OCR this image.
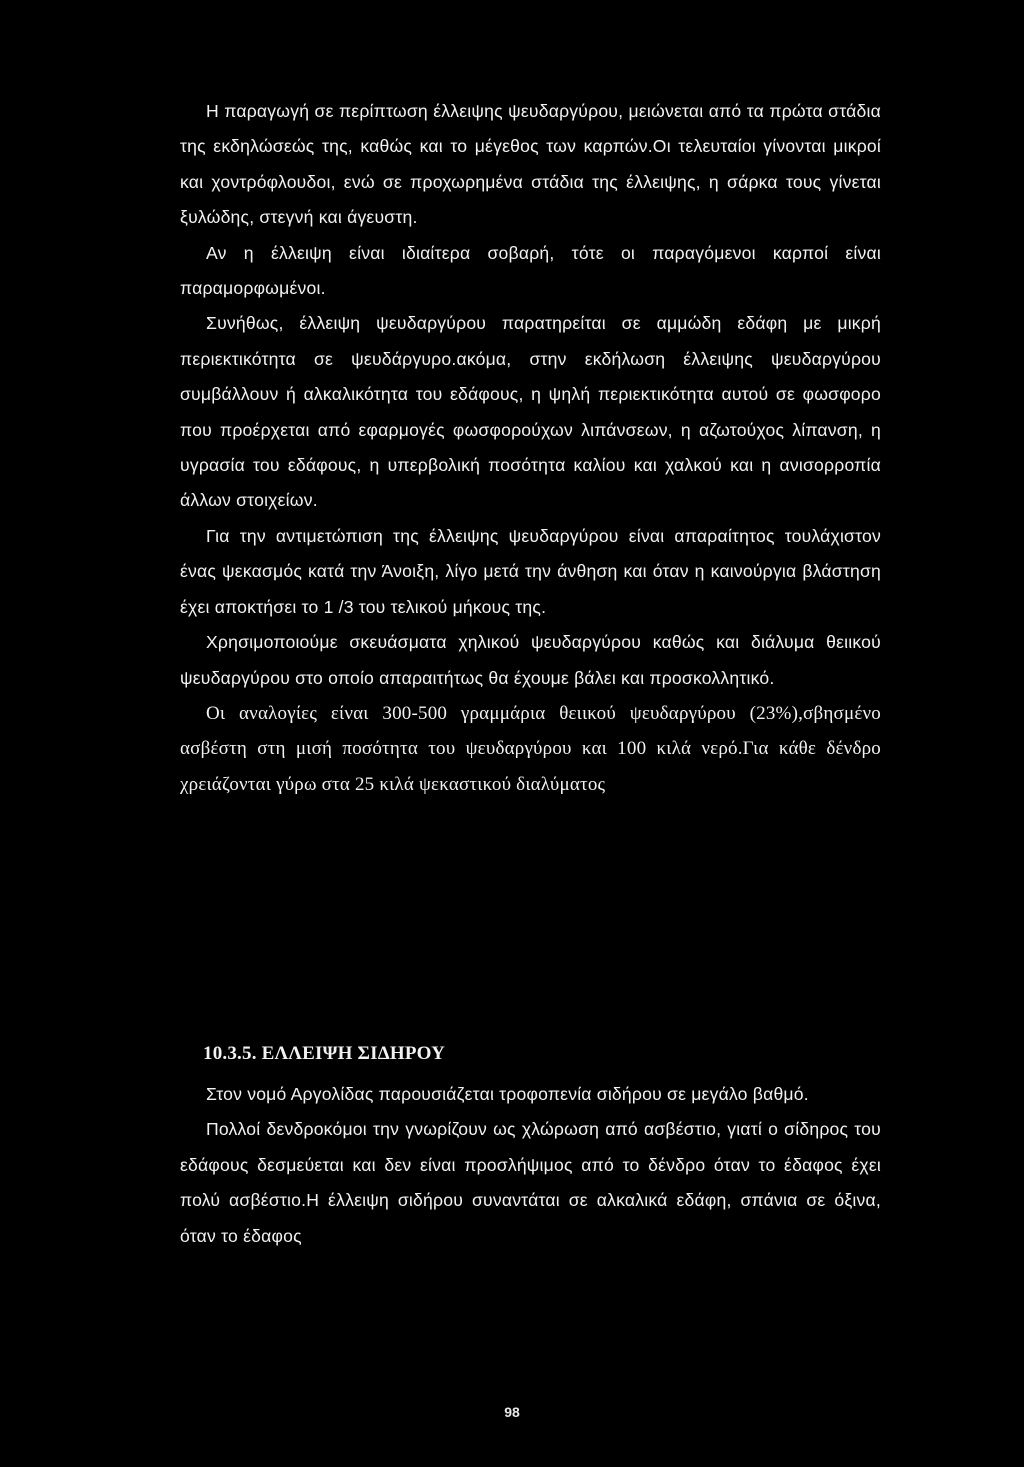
Η παραγωγή σε περίπτωση έλλειψης ψευδαργύρου, μειώνεται από τα πρώτα στάδια της εκδηλώσεώς της, καθώς και το μέγεθος των καρπών.Οι τελευταίοι γίνονται μικροί και χοντρόφλουδοι, ενώ σε προχωρημένα στάδια της έλλειψης, η σάρκα τους γίνεται ξυλώδης, στεγνή και άγευστη.

Αν η έλλειψη είναι ιδιαίτερα σοβαρή, τότε οι παραγόμενοι καρποί είναι παραμορφωμένοι.

Συνήθως, έλλειψη ψευδαργύρου παρατηρείται σε αμμώδη εδάφη με μικρή περιεκτικότητα σε ψευδάργυρο.ακόμα, στην εκδήλωση έλλειψης ψευδαργύρου συμβάλλουν ή αλκαλικότητα του εδάφους, η ψηλή περιεκτικότητα αυτού σε φωσφορο που προέρχεται από εφαρμογές φωσφορούχων λιπάνσεων, η αζωτούχος λίπανση, η υγρασία του εδάφους, η υπερβολική ποσότητα καλίου και χαλκού και η ανισορροπία άλλων στοιχείων.

Για την αντιμετώπιση της έλλειψης ψευδαργύρου είναι απαραίτητος τουλάχιστον ένας ψεκασμός κατά την Άνοιξη, λίγο μετά την άνθηση και όταν η καινούργια βλάστηση έχει αποκτήσει το 1 /3 του τελικού μήκους της.

Χρησιμοποιούμε σκευάσματα χηλικού ψευδαργύρου καθώς και διάλυμα θειικού ψευδαργύρου στο οποίο απαραιτήτως θα έχουμε βάλει και προσκολλητικό.

Οι αναλογίες είναι 300-500 γραμμάρια θειικού ψευδαργύρου (23%),σβησμένο ασβέστη στη μισή ποσότητα του ψευδαργύρου και 100 κιλά νερό.Για κάθε δένδρο χρειάζονται γύρω στα 25 κιλά ψεκαστικού διαλύματος

10.3.5. ΕΛΛΕΙΨΗ ΣΙΔΗΡΟΥ

Στον νομό Αργολίδας παρουσιάζεται τροφοπενία σιδήρου σε μεγάλο βαθμό.

Πολλοί δενδροκόμοι την γνωρίζουν ως χλώρωση από ασβέστιο, γιατί ο σίδηρος του εδάφους δεσμεύεται και δεν είναι προσλήψιμος από το δένδρο όταν το έδαφος έχει πολύ ασβέστιο.Η έλλειψη σιδήρου συναντάται σε αλκαλικά εδάφη, σπάνια σε όξινα, όταν το έδαφος

98
